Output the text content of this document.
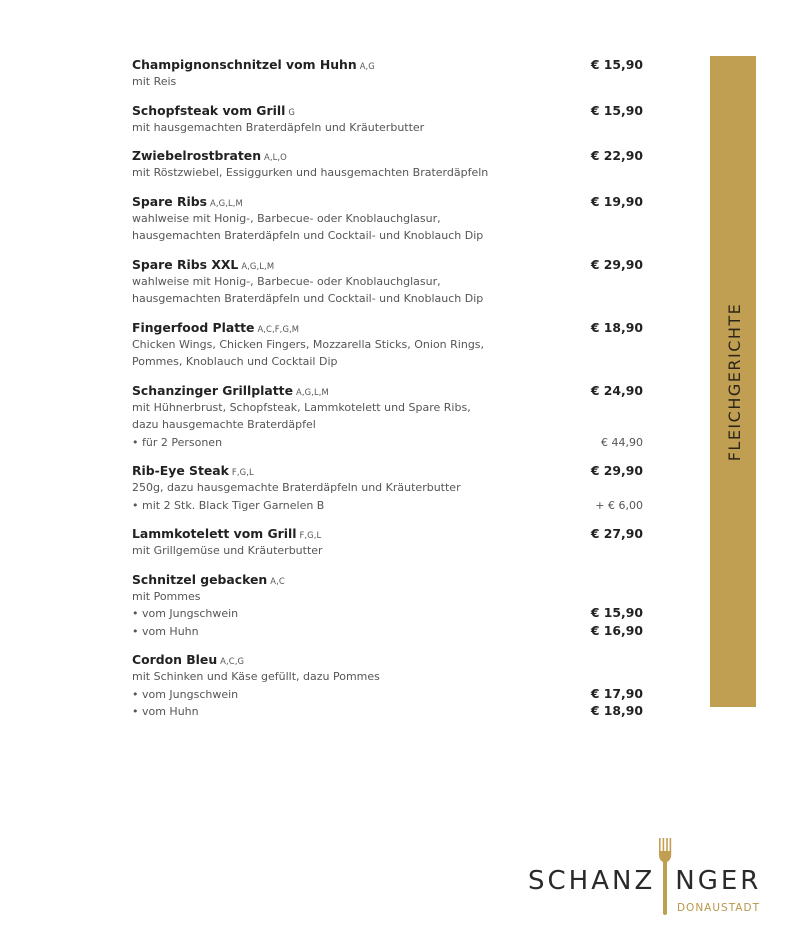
Champignonschnitzel vom Huhn A,G	€ 15,90
mit Reis
Schopfsteak vom Grill G	€ 15,90
mit hausgemachten Braterdäpfeln und Kräuterbutter
Zwiebelrostbraten A,L,O	€ 22,90
mit Röstzwiebel, Essiggurken und hausgemachten Braterdäpfeln
Spare Ribs A,G,L,M	€ 19,90
wahlweise mit Honig-, Barbecue- oder Knoblauchglasur,
hausgemachten Braterdäpfeln und Cocktail- und Knoblauch Dip
Spare Ribs XXL A,G,L,M	€ 29,90
wahlweise mit Honig-, Barbecue- oder Knoblauchglasur,
hausgemachten Braterdäpfeln und Cocktail- und Knoblauch Dip
Fingerfood Platte A,C,F,G,M	€ 18,90
Chicken Wings, Chicken Fingers, Mozzarella Sticks, Onion Rings,
Pommes, Knoblauch und Cocktail Dip
Schanzinger Grillplatte A,G,L,M	€ 24,90
mit Hühnerbrust, Schopfsteak, Lammkotelett und Spare Ribs,
dazu hausgemachte Braterdäpfel
• für 2 Personen	€ 44,90
Rib-Eye Steak F,G,L	€ 29,90
250g, dazu hausgemachte Braterdäpfeln und Kräuterbutter
• mit 2 Stk. Black Tiger Garnelen B	+ € 6,00
Lammkotelett vom Grill F,G,L	€ 27,90
mit Grillgemüse und Kräuterbutter
Schnitzel gebacken A,C
mit Pommes
• vom Jungschwein	€ 15,90
• vom Huhn	€ 16,90
Cordon Bleu A,C,G
mit Schinken und Käse gefüllt, dazu Pommes
• vom Jungschwein	€ 17,90
• vom Huhn	€ 18,90
fleichgerichte
SCHANZ NGER
DONAUSTADT
